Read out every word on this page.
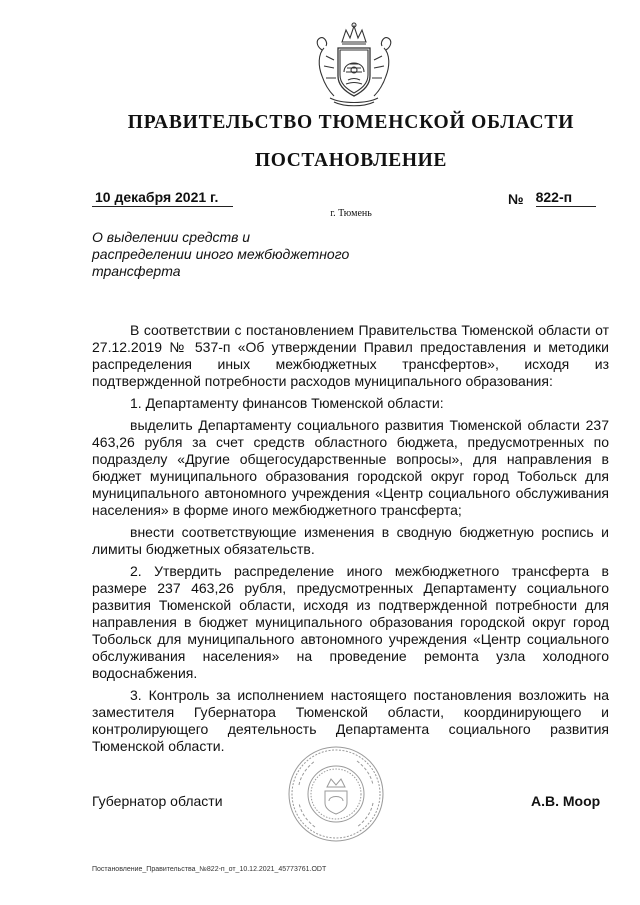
ПРАВИТЕЛЬСТВО ТЮМЕНСКОЙ ОБЛАСТИ
ПОСТАНОВЛЕНИЕ
10 декабря 2021 г.	№ 822-п
г. Тюмень
О выделении средств и распределении иного межбюджетного трансферта

В соответствии с постановлением Правительства Тюменской области от 27.12.2019 № 537-п «Об утверждении Правил предоставления и методики распределения иных межбюджетных трансфертов», исходя из подтвержденной потребности расходов муниципального образования:

1. Департаменту финансов Тюменской области:

выделить Департаменту социального развития Тюменской области 237 463,26 рубля за счет средств областного бюджета, предусмотренных по подразделу «Другие общегосударственные вопросы», для направления в бюджет муниципального образования городской округ город Тобольск для муниципального автономного учреждения «Центр социального обслуживания населения» в форме иного межбюджетного трансферта;

внести соответствующие изменения в сводную бюджетную роспись и лимиты бюджетных обязательств.

2. Утвердить распределение иного межбюджетного трансферта в размере 237 463,26 рубля, предусмотренных Департаменту социального развития Тюменской области, исходя из подтвержденной потребности для направления в бюджет муниципального образования городской округ город Тобольск для муниципального автономного учреждения «Центр социального обслуживания населения» на проведение ремонта узла холодного водоснабжения.

3. Контроль за исполнением настоящего постановления возложить на заместителя Губернатора Тюменской области, координирующего и контролирующего деятельность Департамента социального развития Тюменской области.

Губернатор области	А.В. Моор
Постановление_Правительства_№822-п_от_10.12.2021_45773761.ODT
